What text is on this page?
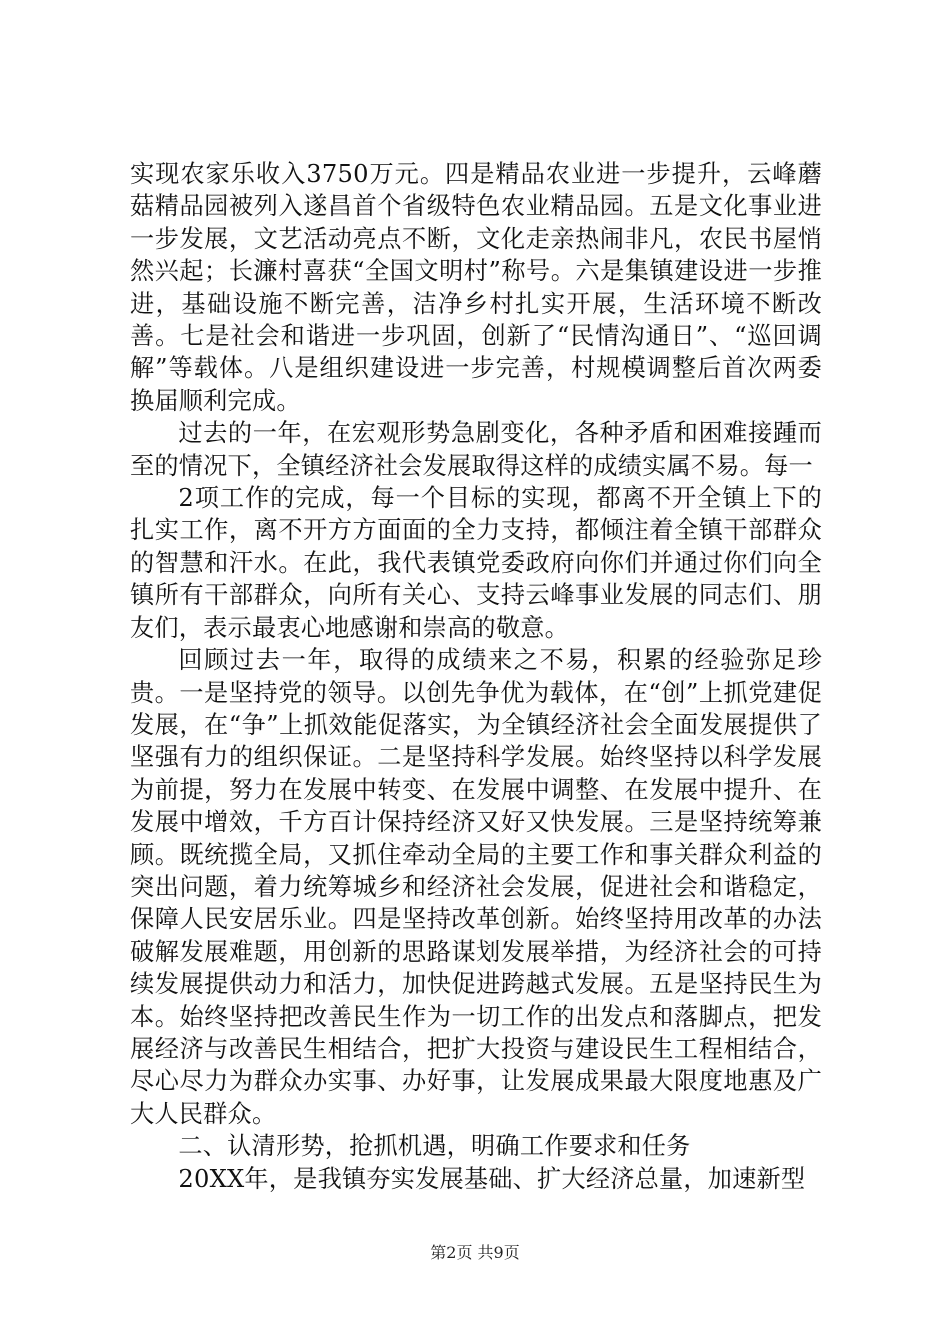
实现农家乐收入3750万元。四是精品农业进一步提升，云峰蘑菇精品园被列入遂昌首个省级特色农业精品园。五是文化事业进一步发展，文艺活动亮点不断，文化走亲热闹非凡，农民书屋悄然兴起；长濂村喜获“全国文明村”称号。六是集镇建设进一步推进，基础设施不断完善，洁净乡村扎实开展，生活环境不断改善。七是社会和谐进一步巩固，创新了“民情沟通日”、“巡回调解”等载体。八是组织建设进一步完善，村规模调整后首次两委换届顺利完成。

过去的一年，在宏观形势急剧变化，各种矛盾和困难接踵而至的情况下，全镇经济社会发展取得这样的成绩实属不易。每一

2项工作的完成，每一个目标的实现，都离不开全镇上下的扎实工作，离不开方方面面的全力支持，都倾注着全镇干部群众的智慧和汗水。在此，我代表镇党委政府向你们并通过你们向全镇所有干部群众，向所有关心、支持云峰事业发展的同志们、朋友们，表示最衷心地感谢和崇高的敬意。

回顾过去一年，取得的成绩来之不易，积累的经验弥足珍贵。一是坚持党的领导。以创先争优为载体，在“创”上抓党建促发展，在“争”上抓效能促落实，为全镇经济社会全面发展提供了坚强有力的组织保证。二是坚持科学发展。始终坚持以科学发展为前提，努力在发展中转变、在发展中调整、在发展中提升、在发展中增效，千方百计保持经济又好又快发展。三是坚持统筹兼顾。既统揽全局，又抓住牵动全局的主要工作和事关群众利益的突出问题，着力统筹城乡和经济社会发展，促进社会和谐稳定，保障人民安居乐业。四是坚持改革创新。始终坚持用改革的办法破解发展难题，用创新的思路谋划发展举措，为经济社会的可持续发展提供动力和活力，加快促进跨越式发展。五是坚持民生为本。始终坚持把改善民生作为一切工作的出发点和落脚点，把发展经济与改善民生相结合，把扩大投资与建设民生工程相结合，尽心尽力为群众办实事、办好事，让发展成果最大限度地惠及广大人民群众。

二、认清形势，抢抓机遇，明确工作要求和任务

20XX年，是我镇夯实发展基础、扩大经济总量，加速新型

第2页 共9页
